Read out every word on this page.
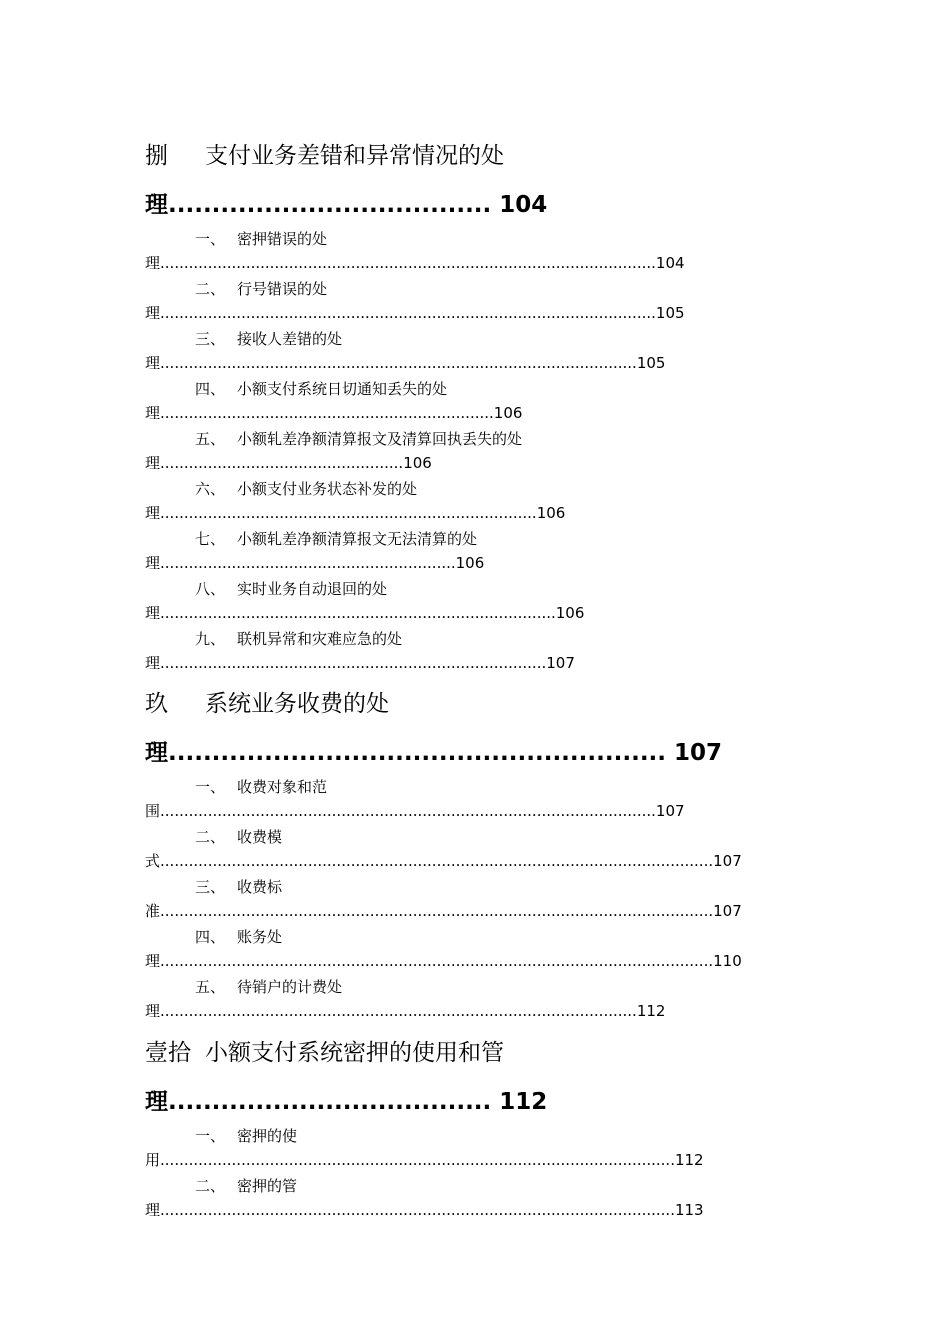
捌 支付业务差错和异常情况的处
理..................................... 104
一、 密押错误的处
理........................................................................................................104
二、 行号错误的处
理........................................................................................................105
三、 接收人差错的处
理....................................................................................................105
四、 小额支付系统日切通知丢失的处
理......................................................................106
五、 小额轧差净额清算报文及清算回执丢失的处
理...................................................106
六、 小额支付业务状态补发的处
理...............................................................................106
七、 小额轧差净额清算报文无法清算的处
理..............................................................106
八、 实时业务自动退回的处
理...................................................................................106
九、 联机异常和灾难应急的处
理.................................................................................107
玖 系统业务收费的处
理......................................................... 107
一、 收费对象和范
围........................................................................................................107
二、 收费模
式....................................................................................................................107
三、 收费标
准....................................................................................................................107
四、 账务处
理....................................................................................................................110
五、 待销户的计费处
理....................................................................................................112
壹拾 小额支付系统密押的使用和管
理..................................... 112
一、 密押的使
用............................................................................................................112
二、 密押的管
理............................................................................................................113
